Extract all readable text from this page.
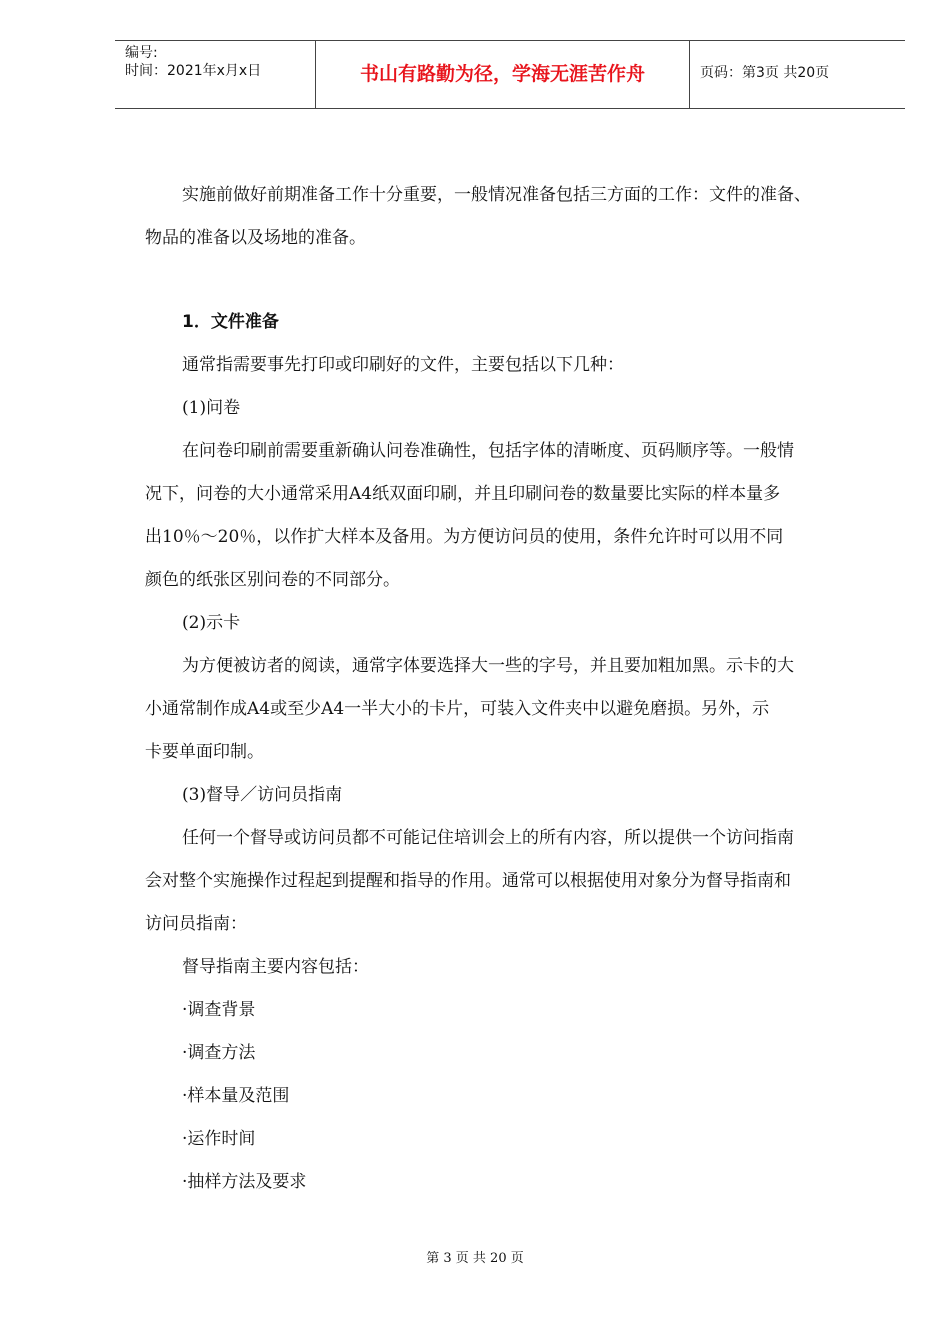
编号:
时间：2021年x月x日	书山有路勤为径，学海无涯苦作舟	页码：第3页 共20页
实施前做好前期准备工作十分重要，一般情况准备包括三方面的工作：文件的准备、
物品的准备以及场地的准备。
1．文件准备
通常指需要事先打印或印刷好的文件，主要包括以下几种：
(1)问卷
在问卷印刷前需要重新确认问卷准确性，包括字体的清晰度、页码顺序等。一般情
况下，问卷的大小通常采用A4纸双面印刷，并且印刷问卷的数量要比实际的样本量多
出10％～20％，以作扩大样本及备用。为方便访问员的使用，条件允许时可以用不同
颜色的纸张区别问卷的不同部分。
(2)示卡
为方便被访者的阅读，通常字体要选择大一些的字号，并且要加粗加黑。示卡的大
小通常制作成A4或至少A4一半大小的卡片，可装入文件夹中以避免磨损。另外，示
卡要单面印制。
(3)督导／访问员指南
任何一个督导或访问员都不可能记住培训会上的所有内容，所以提供一个访问指南
会对整个实施操作过程起到提醒和指导的作用。通常可以根据使用对象分为督导指南和
访问员指南：
督导指南主要内容包括：
·调查背景
·调查方法
·样本量及范围
·运作时间
·抽样方法及要求
第 3 页 共 20 页
